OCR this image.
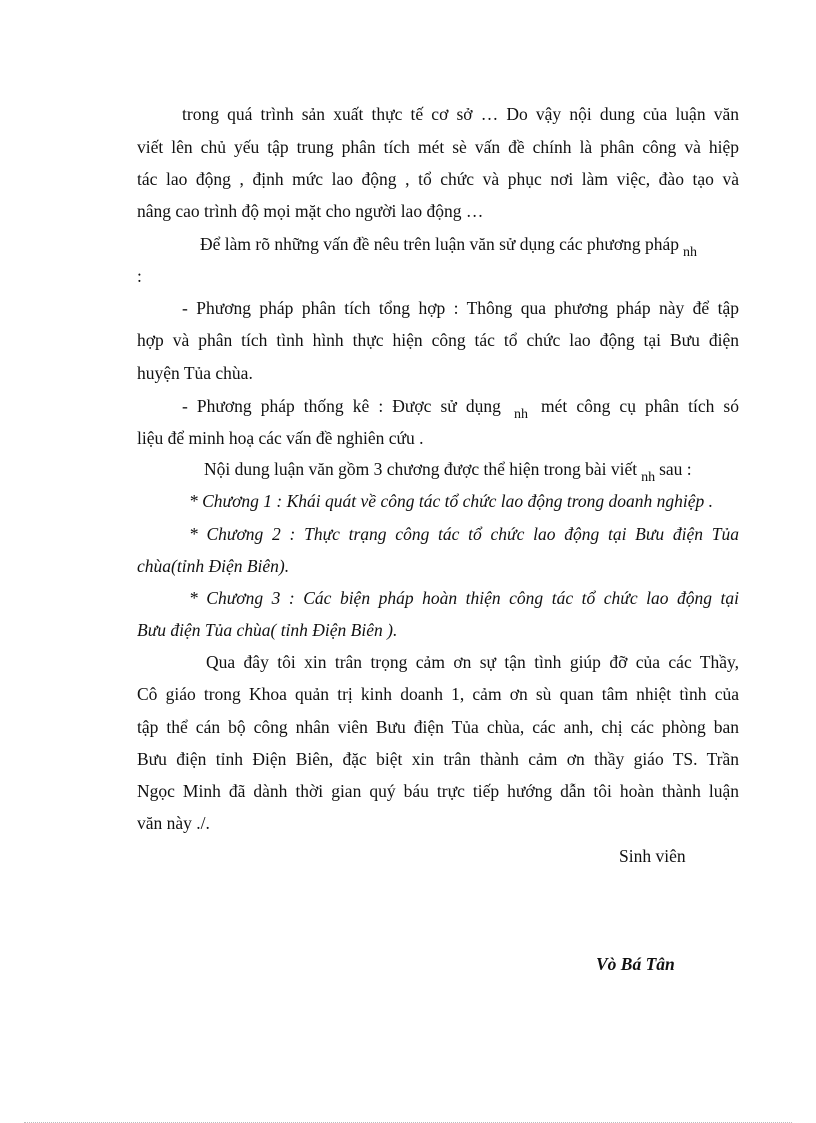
trong quá trình sản xuất thực tế cơ sở … Do vậy nội dung của luận văn
viết lên chủ yếu tập trung phân tích mét sè vấn đề chính là phân công và hiệp
tác lao động , định mức lao động , tổ chức và phục nơi làm việc, đào tạo và
nâng cao trình độ mọi mặt cho người lao động …
Để làm rõ những vấn đề nêu trên luận văn sử dụng các phương pháp $_{nh}$
:
- Phương pháp phân tích tổng hợp : Thông qua phương pháp này để tập
hợp và phân tích tình hình thực hiện công tác tổ chức lao động tại Bưu điện
huyện Tủa chùa.
- Phương pháp thống kê : Được sử dụng $_{nh}$ mét công cụ phân tích só
liệu để minh hoạ các vấn đề nghiên cứu .
Nội dung luận văn gồm 3 chương được thể hiện trong bài viết $_{nh}$ sau :
* Chương 1 : Khái quát về công tác tổ chức lao động trong doanh nghiệp .
* Chương 2 : Thực trạng công tác tổ chức lao động tại Bưu điện Tủa
chùa(tỉnh Điện Biên).
* Chương 3 : Các biện pháp hoàn thiện công tác tổ chức lao động tại
Bưu điện Tủa chùa( tỉnh Điện Biên ).
Qua đây tôi xin trân trọng cảm ơn sự tận tình giúp đỡ của các Thầy,
Cô giáo trong Khoa quản trị kinh doanh 1, cảm ơn sù quan tâm nhiệt tình của
tập thể cán bộ công nhân viên Bưu điện Tủa chùa, các anh, chị các phòng ban
Bưu điện tỉnh Điện Biên, đặc biệt xin trân thành cảm ơn thầy giáo TS. Trần
Ngọc Minh đã dành thời gian quý báu trực tiếp hướng dẫn tôi hoàn thành luận
văn này ./.
Sinh viên
Vò Bá Tân
